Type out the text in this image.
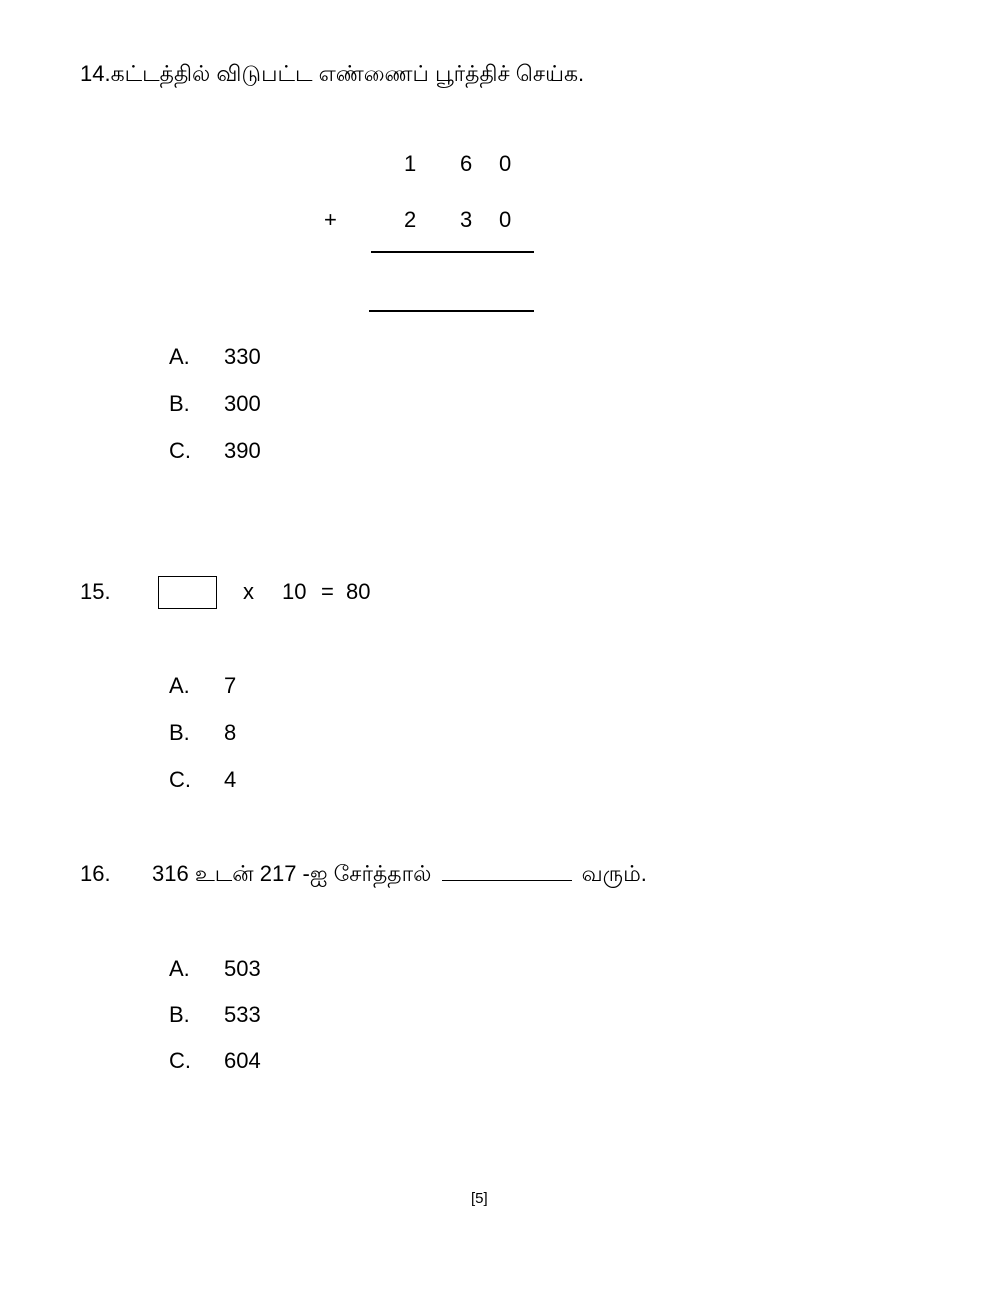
14.கட்டத்தில் விடுபட்ட எண்ணைப் பூர்த்திச் செய்க.
1 6 0
+	2 3 0
A. 330
B. 300
C. 390
15.	x 10 = 80
A. 7
B. 8
C. 4
16. 316 உடன் 217 -ஐ சேர்த்தால்	வரும்.
A. 503
B. 533
C. 604
[5]
